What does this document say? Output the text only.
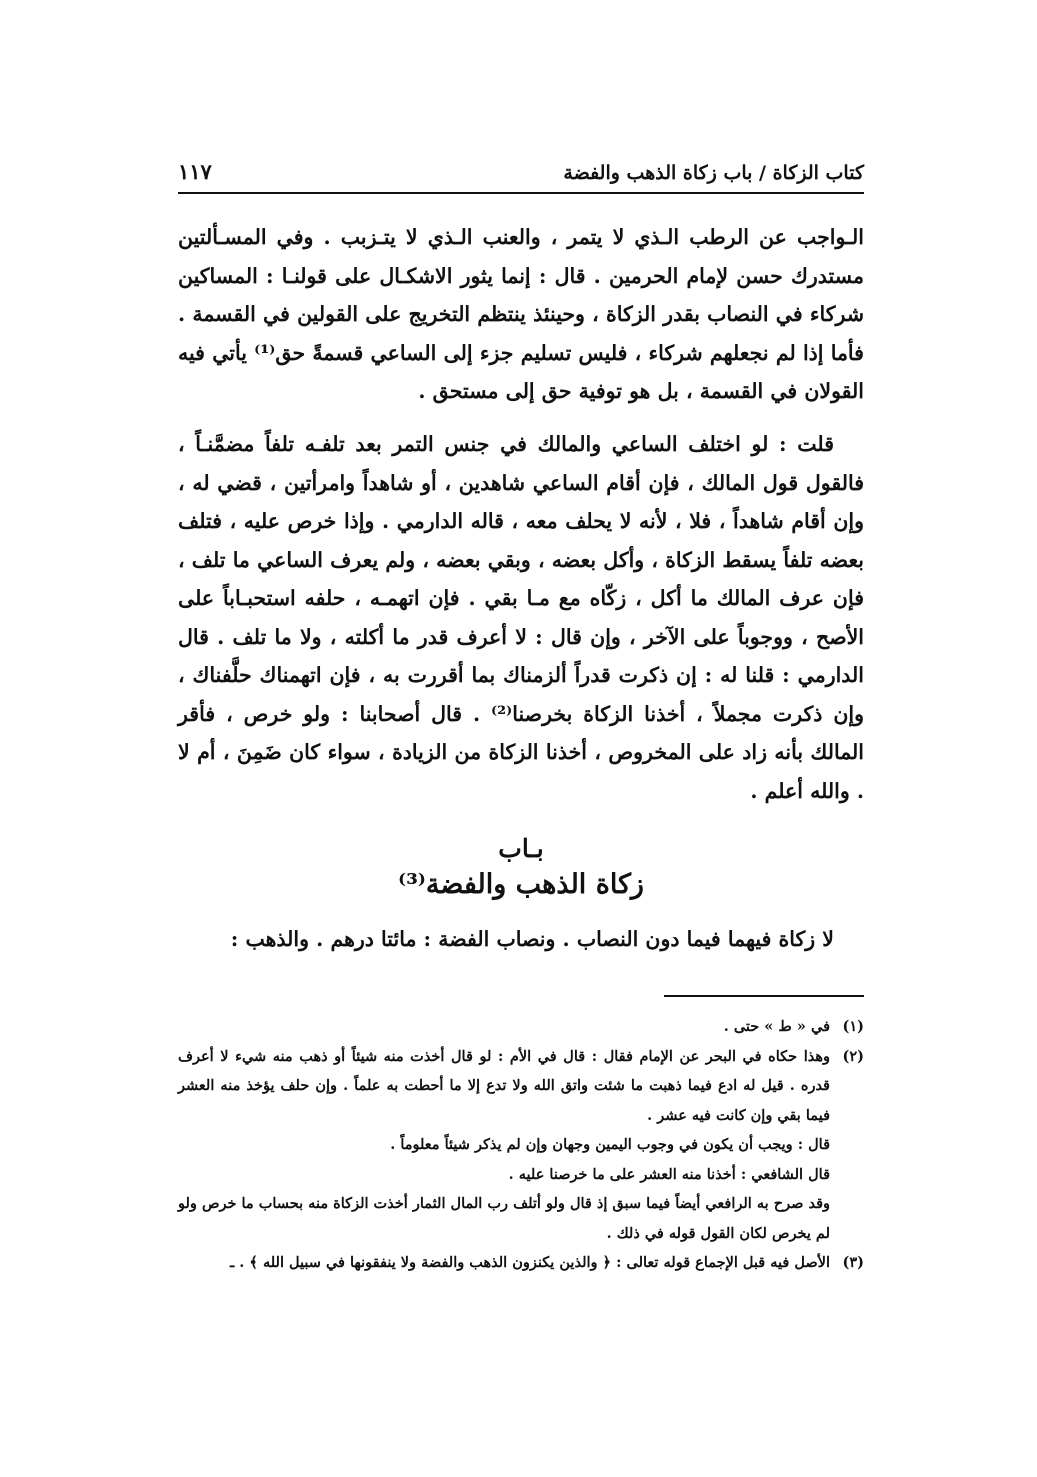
كتاب الزكاة / باب زكاة الذهب والفضة
١١٧

الـواجب عن الرطب الـذي لا يتمر ، والعنب الـذي لا يتـزبب . وفي المسـألتين مستدرك حسن لإمام الحرمين . قال : إنما يثور الاشكـال على قولنـا : المساكين شركاء في النصاب بقدر الزكاة ، وحينئذ ينتظم التخريج على القولين في القسمة . فأما إذا لم نجعلهم شركاء ، فليس تسليم جزء إلى الساعي قسمةً حق⁽¹⁾ يأتي فيه القولان في القسمة ، بل هو توفية حق إلى مستحق .

قلت : لو اختلف الساعي والمالك في جنس التمر بعد تلفـه تلفاً مضمَّنـاً ، فالقول قول المالك ، فإن أقام الساعي شاهدين ، أو شاهداً وامرأتين ، قضي له ، وإن أقام شاهداً ، فلا ، لأنه لا يحلف معه ، قاله الدارمي . وإذا خرص عليه ، فتلف بعضه تلفاً يسقط الزكاة ، وأكل بعضه ، وبقي بعضه ، ولم يعرف الساعي ما تلف ، فإن عرف المالك ما أكل ، زكّاه مع مـا بقي . فإن اتهمـه ، حلفه استحبـاباً على الأصح ، ووجوباً على الآخر ، وإن قال : لا أعرف قدر ما أكلته ، ولا ما تلف . قال الدارمي : قلنا له : إن ذكرت قدراً ألزمناك بما أقررت به ، فإن اتهمناك حلَّفناك ، وإن ذكرت مجملاً ، أخذنا الزكاة بخرصنا⁽²⁾ . قال أصحابنا : ولو خرص ، فأقر المالك بأنه زاد على المخروص ، أخذنا الزكاة من الزيادة ، سواء كان ضَمِنَ ، أم لا . والله أعلم .

بـاب
زكاة الذهب والفضة⁽³⁾

لا زكاة فيهما فيما دون النصاب . ونصاب الفضة : مائتا درهم . والذهب :

(١)
في « ط » حتى .
(٢)
وهذا حكاه في البحر عن الإمام فقال : قال في الأم : لو قال أخذت منه شيئاً أو ذهب منه شيء لا أعرف قدره . قيل له ادع فيما ذهبت ما شئت واتق الله ولا تدع إلا ما أحطت به علماً . وإن حلف يؤخذ منه العشر فيما بقي وإن كانت فيه عشر .
قال : ويجب أن يكون في وجوب اليمين وجهان وإن لم يذكر شيئاً معلوماً .
قال الشافعي : أخذنا منه العشر على ما خرصنا عليه .
وقد صرح به الرافعي أيضاً فيما سبق إذ قال ولو أتلف رب المال الثمار أخذت الزكاة منه بحساب ما خرص ولو لم يخرص لكان القول قوله في ذلك .
(٣)
الأصل فيه قبل الإجماع قوله تعالى : ﴿ والذين يكنزون الذهب والفضة ولا ينفقونها في سبيل الله ﴾ . ـ
